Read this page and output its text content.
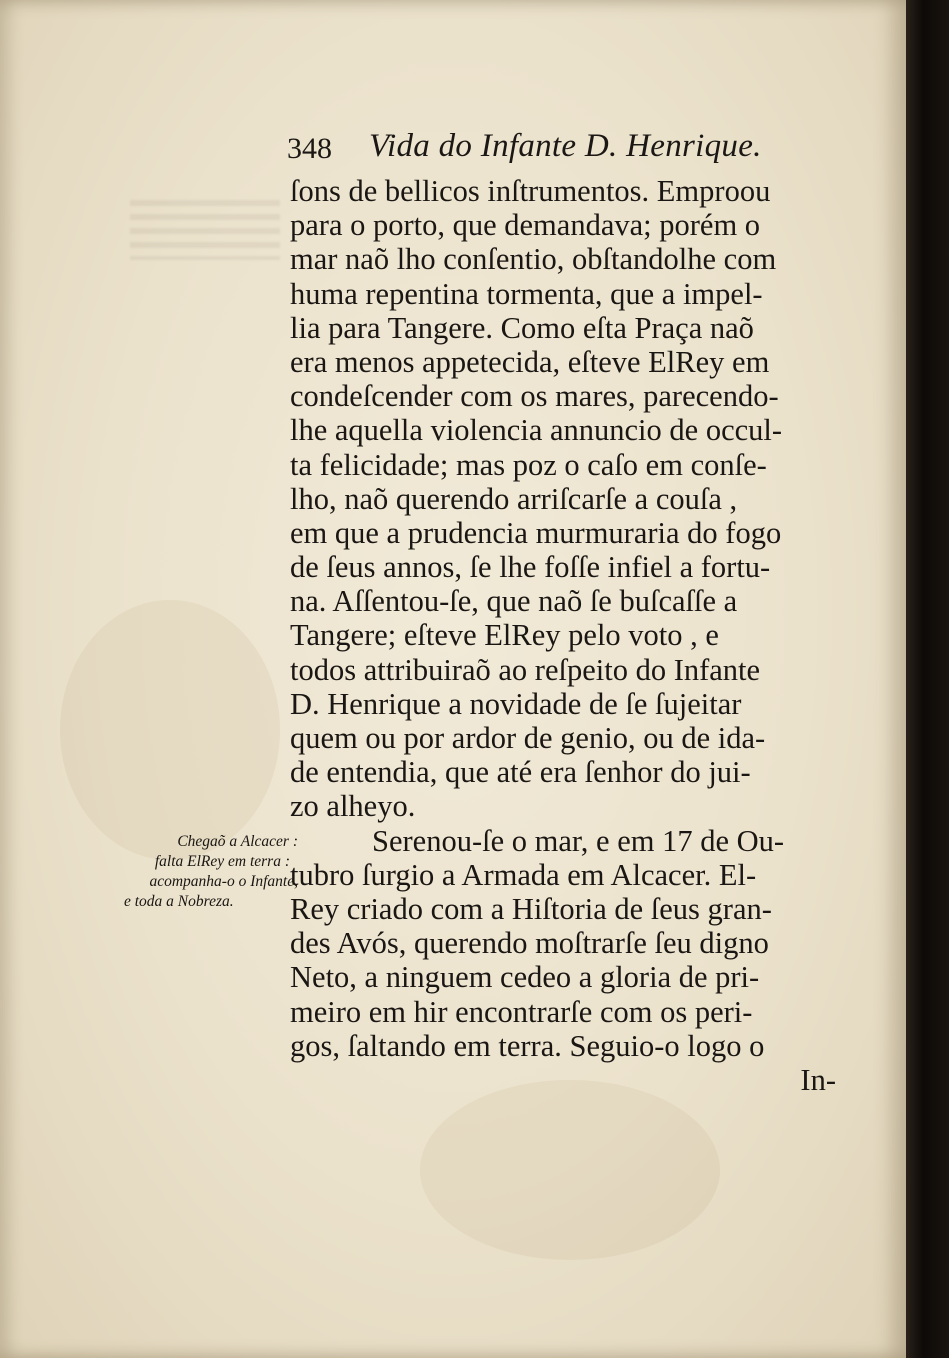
348 Vida do Infante D. Henrique.
Chegaõ a Alcacer :
falta ElRey em terra :
acompanha-o o Infante,
e toda a Nobreza.
ſons de bellicos inſtrumentos. Emproou
para o porto, que demandava; porém o
mar naõ lho conſentio, obſtandolhe com
huma repentina tormenta, que a impel-
lia para Tangere. Como eſta Praça naõ
era menos appetecida, eſteve ElRey em
condeſcender com os mares, parecendo-
lhe aquella violencia annuncio de occul-
ta felicidade; mas poz o caſo em conſe-
lho, naõ querendo arriſcarſe a couſa ,
em que a prudencia murmuraria do fogo
de ſeus annos, ſe lhe foſſe infiel a fortu-
na. Aſſentou-ſe, que naõ ſe buſcaſſe a
Tangere; eſteve ElRey pelo voto , e
todos attribuiraõ ao reſpeito do Infante
D. Henrique a novidade de ſe ſujeitar
quem ou por ardor de genio, ou de ida-
de entendia, que até era ſenhor do jui-
zo alheyo.
Serenou-ſe o mar, e em 17 de Ou-
tubro ſurgio a Armada em Alcacer. El-
Rey criado com a Hiſtoria de ſeus gran-
des Avós, querendo moſtrarſe ſeu digno
Neto, a ninguem cedeo a gloria de pri-
meiro em hir encontrarſe com os peri-
gos, ſaltando em terra. Seguio-o logo o
In-
